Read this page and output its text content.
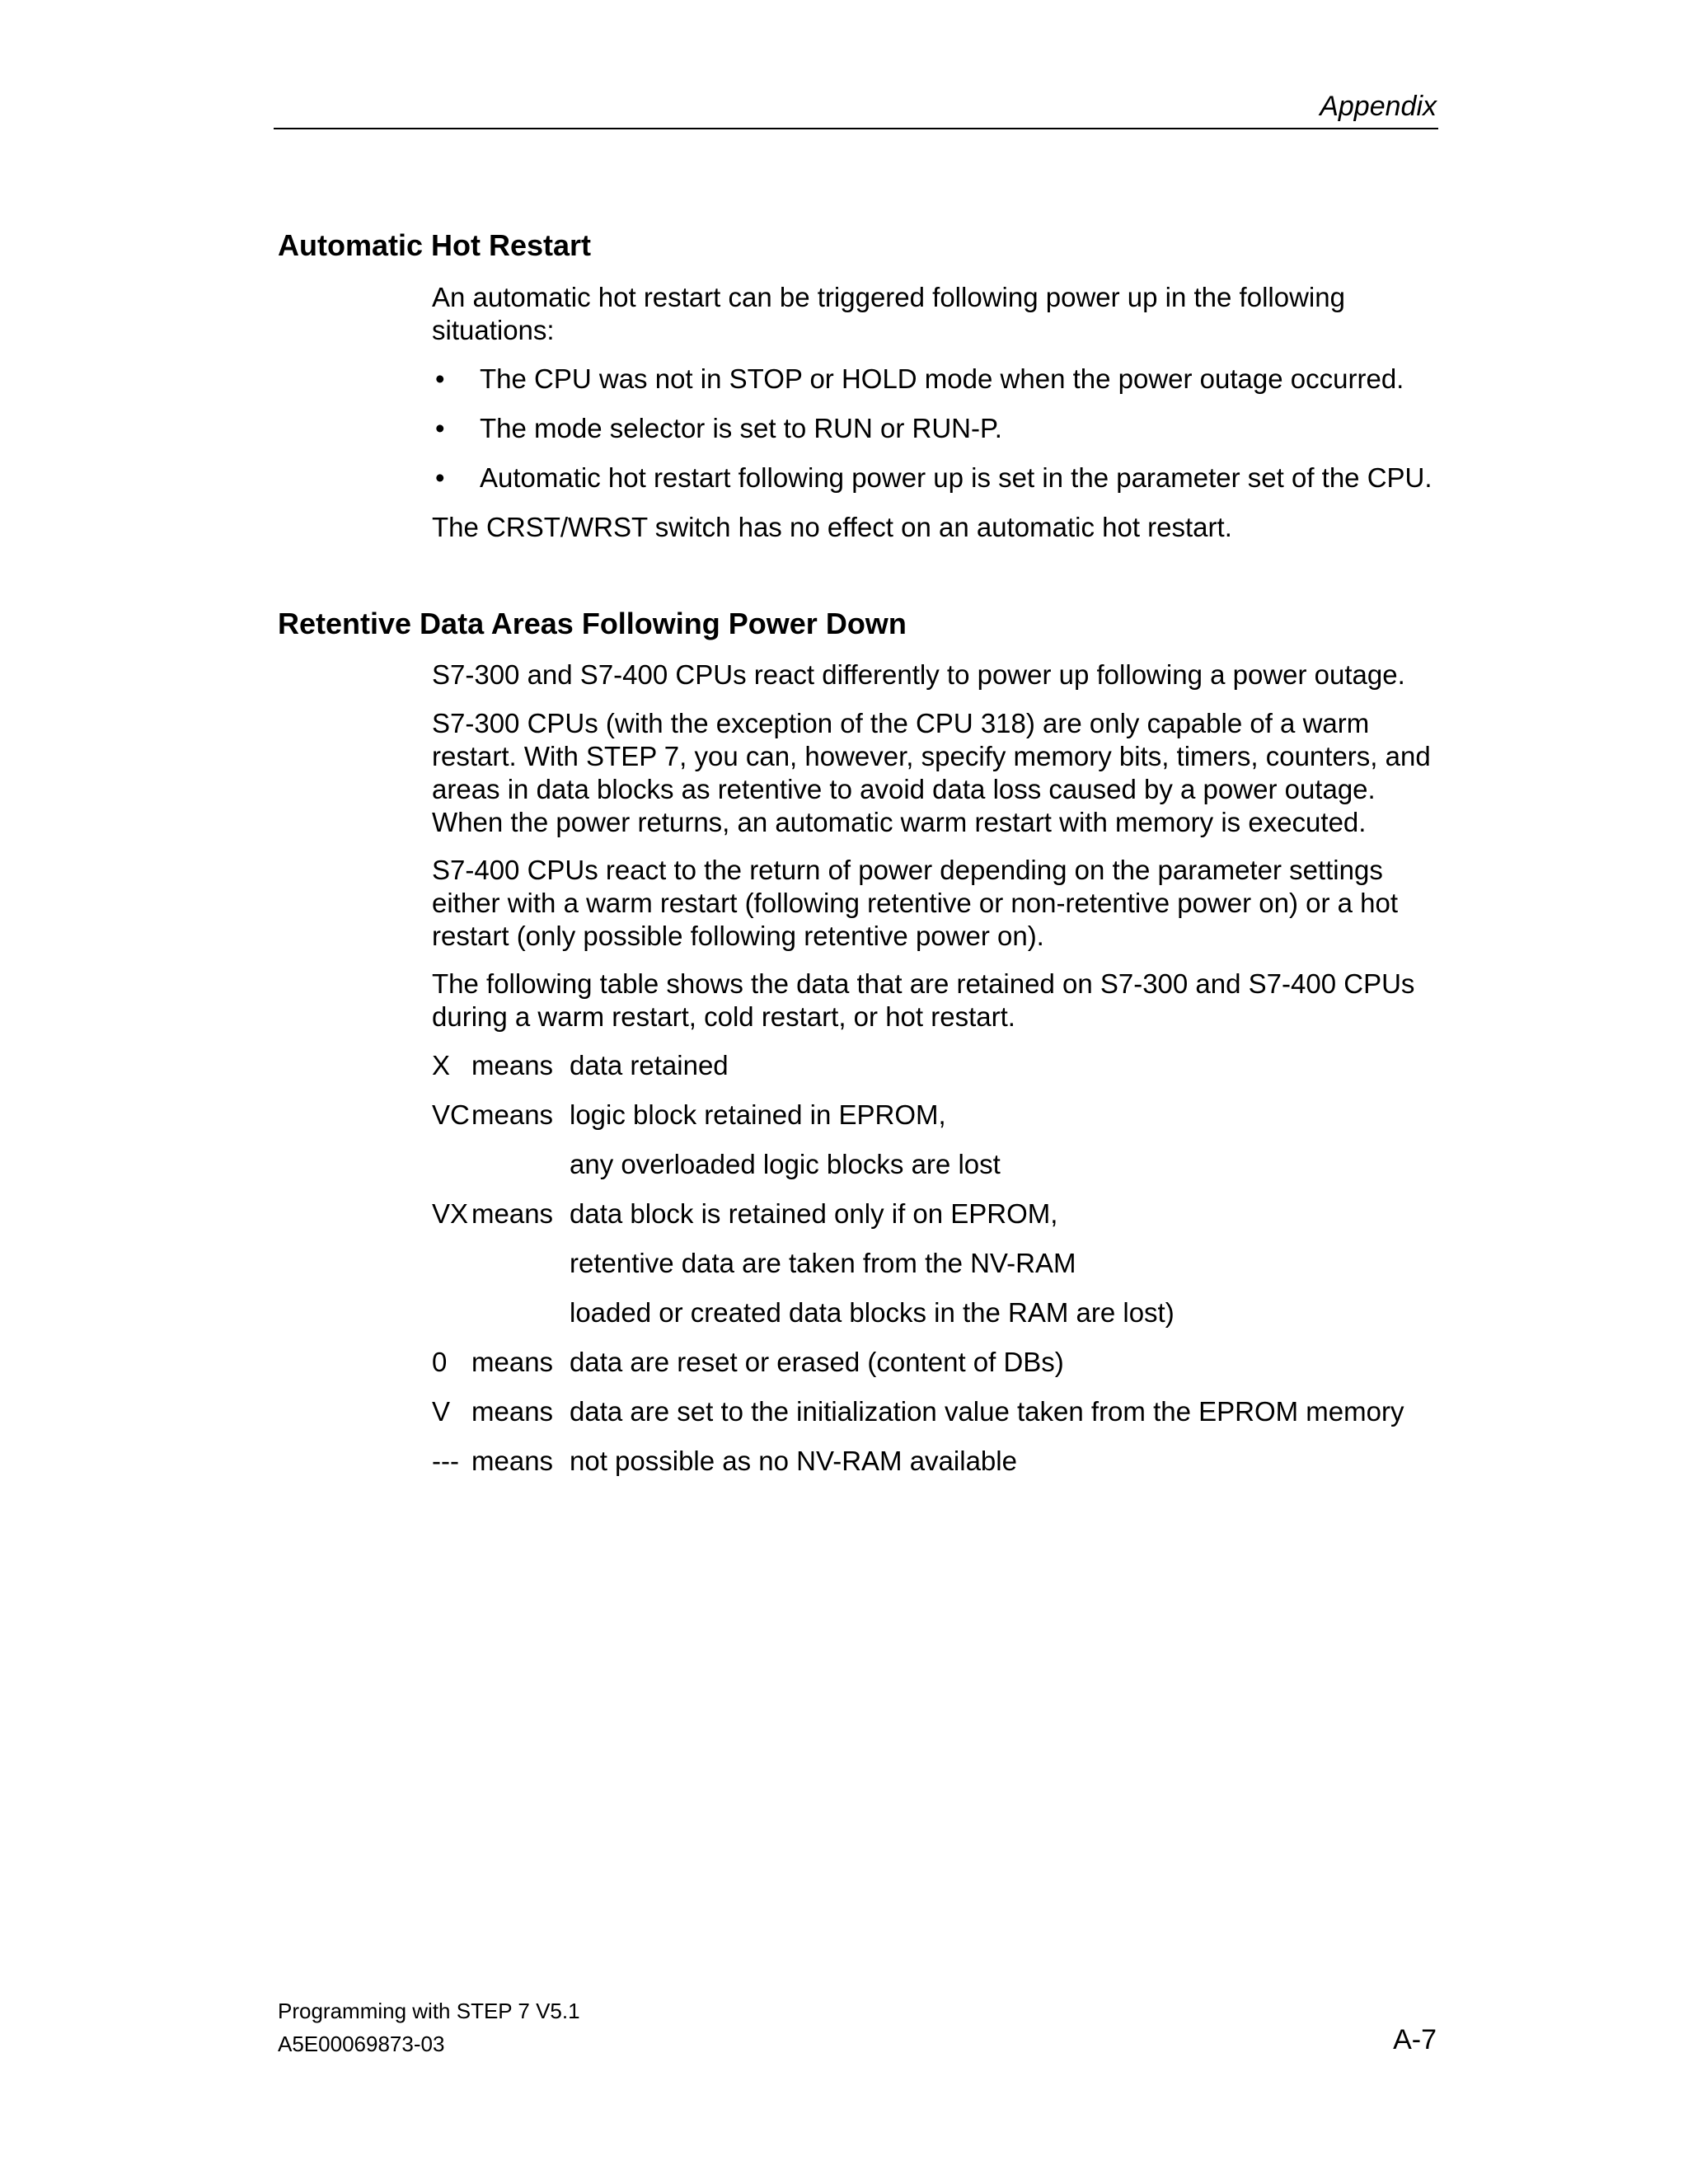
Appendix
Automatic Hot Restart

An automatic hot restart can be triggered following power up in the following
situations:

• The CPU was not in STOP or HOLD mode when the power outage occurred.
• The mode selector is set to RUN or RUN-P.
• Automatic hot restart following power up is set in the parameter set of the CPU.

The CRST/WRST switch has no effect on an automatic hot restart.

Retentive Data Areas Following Power Down

S7-300 and S7-400 CPUs react differently to power up following a power outage.

S7-300 CPUs (with the exception of the CPU 318) are only capable of a warm
restart. With STEP 7, you can, however, specify memory bits, timers, counters, and
areas in data blocks as retentive to avoid data loss caused by a power outage.
When the power returns, an automatic warm restart with memory is executed.

S7-400 CPUs react to the return of power depending on the parameter settings
either with a warm restart (following retentive or non-retentive power on) or a hot
restart (only possible following retentive power on).

The following table shows the data that are retained on S7-300 and S7-400 CPUs
during a warm restart, cold restart, or hot restart.

X means data retained
VC means logic block retained in EPROM,
any overloaded logic blocks are lost
VX means data block is retained only if on EPROM,
retentive data are taken from the NV-RAM
loaded or created data blocks in the RAM are lost)
0 means data are reset or erased (content of DBs)
V means data are set to the initialization value taken from the EPROM memory
--- means not possible as no NV-RAM available
Programming with STEP 7 V5.1
A5E00069873-03	A-7
